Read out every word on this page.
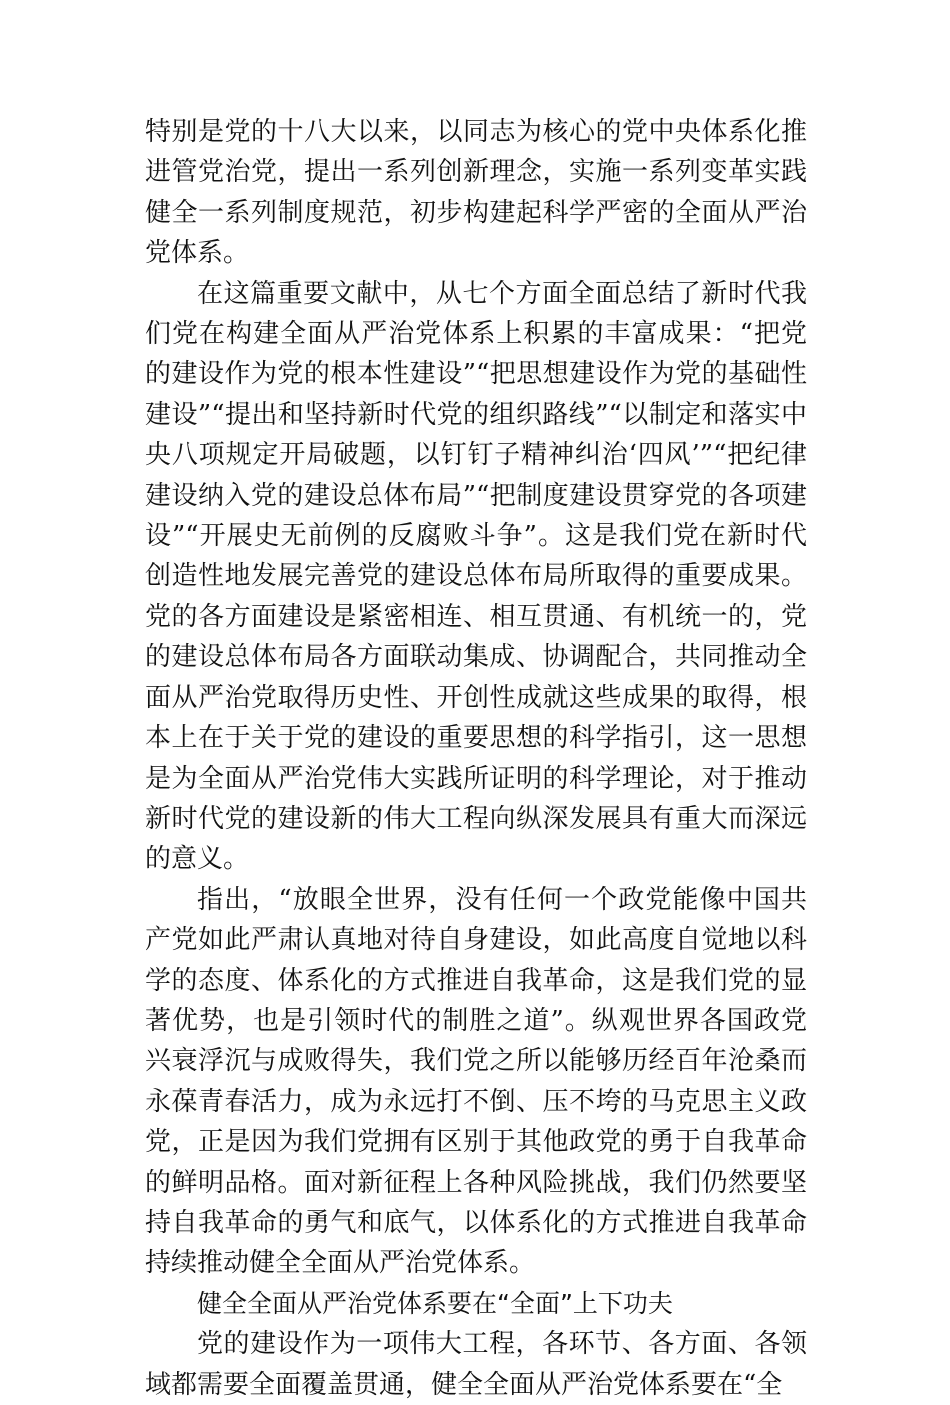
特别是党的十八大以来，以同志为核心的党中央体系化推进管党治党，提出一系列创新理念，实施一系列变革实践健全一系列制度规范，初步构建起科学严密的全面从严治党体系。

在这篇重要文献中，从七个方面全面总结了新时代我们党在构建全面从严治党体系上积累的丰富成果：“把党的建设作为党的根本性建设”“把思想建设作为党的基础性建设”“提出和坚持新时代党的组织路线”“以制定和落实中央八项规定开局破题，以钉钉子精神纠治‘四风’”“把纪律建设纳入党的建设总体布局”“把制度建设贯穿党的各项建设”“开展史无前例的反腐败斗争”。这是我们党在新时代创造性地发展完善党的建设总体布局所取得的重要成果。党的各方面建设是紧密相连、相互贯通、有机统一的，党的建设总体布局各方面联动集成、协调配合，共同推动全面从严治党取得历史性、开创性成就这些成果的取得，根本上在于关于党的建设的重要思想的科学指引，这一思想是为全面从严治党伟大实践所证明的科学理论，对于推动新时代党的建设新的伟大工程向纵深发展具有重大而深远的意义。

指出，“放眼全世界，没有任何一个政党能像中国共产党如此严肃认真地对待自身建设，如此高度自觉地以科学的态度、体系化的方式推进自我革命，这是我们党的显著优势，也是引领时代的制胜之道”。纵观世界各国政党兴衰浮沉与成败得失，我们党之所以能够历经百年沧桑而永葆青春活力，成为永远打不倒、压不垮的马克思主义政党，正是因为我们党拥有区别于其他政党的勇于自我革命的鲜明品格。面对新征程上各种风险挑战，我们仍然要坚持自我革命的勇气和底气，以体系化的方式推进自我革命持续推动健全全面从严治党体系。

健全全面从严治党体系要在“全面”上下功夫

党的建设作为一项伟大工程，各环节、各方面、各领域都需要全面覆盖贯通，健全全面从严治党体系要在“全
